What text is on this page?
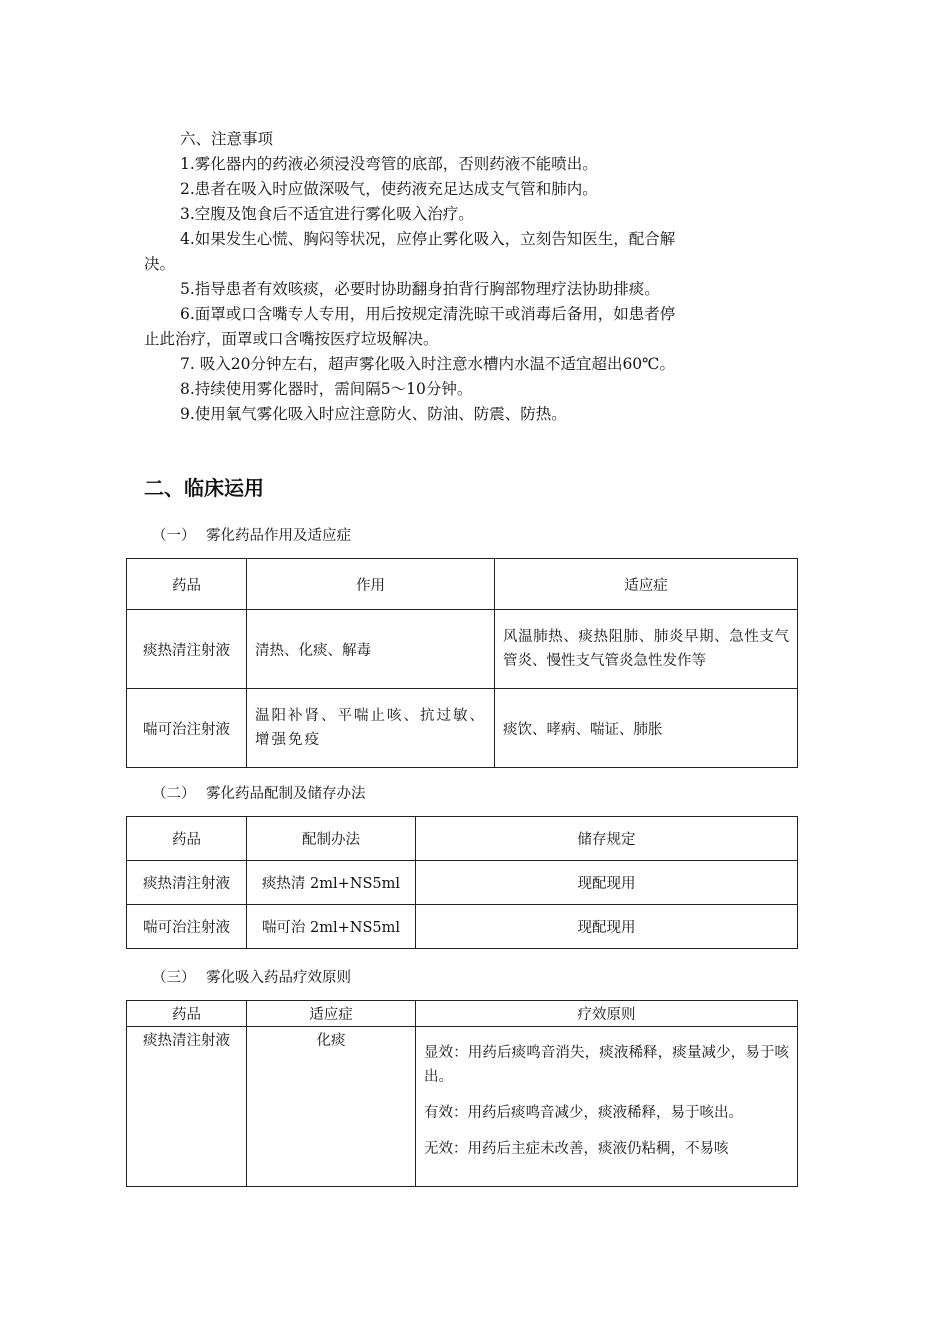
六、注意事项
1.雾化器内的药液必须浸没弯管的底部，否则药液不能喷出。
2.患者在吸入时应做深吸气，使药液充足达成支气管和肺内。
3.空腹及饱食后不适宜进行雾化吸入治疗。
4.如果发生心慌、胸闷等状况，应停止雾化吸入，立刻告知医生，配合解
决。
5.指导患者有效咳痰，必要时协助翻身拍背行胸部物理疗法协助排痰。
6.面罩或口含嘴专人专用，用后按规定清洗晾干或消毒后备用，如患者停
止此治疗，面罩或口含嘴按医疗垃圾解决。
7. 吸入20分钟左右，超声雾化吸入时注意水槽内水温不适宜超出60℃。
8.持续使用雾化器时，需间隔5～10分钟。
9.使用氧气雾化吸入时应注意防火、防油、防震、防热。
二、临床运用
（一） 雾化药品作用及适应症
药品	作用	适应症
痰热清注射液	清热、化痰、解毒	风温肺热、痰热阻肺、肺炎早期、急性支气管炎、慢性支气管炎急性发作等
喘可治注射液	温阳补肾、平喘止咳、抗过敏、增强免疫	痰饮、哮病、喘证、肺胀
（二） 雾化药品配制及储存办法
药品	配制办法	储存规定
痰热清注射液	痰热清 2ml+NS5ml	现配现用
喘可治注射液	喘可治 2ml+NS5ml	现配现用
（三） 雾化吸入药品疗效原则
药品	适应症	疗效原则
痰热清注射液	化痰	显效：用药后痰鸣音消失，痰液稀释，痰量减少，易于咳出。

有效：用药后痰鸣音减少，痰液稀释，易于咳出。

无效：用药后主症未改善，痰液仍粘稠，不易咳
